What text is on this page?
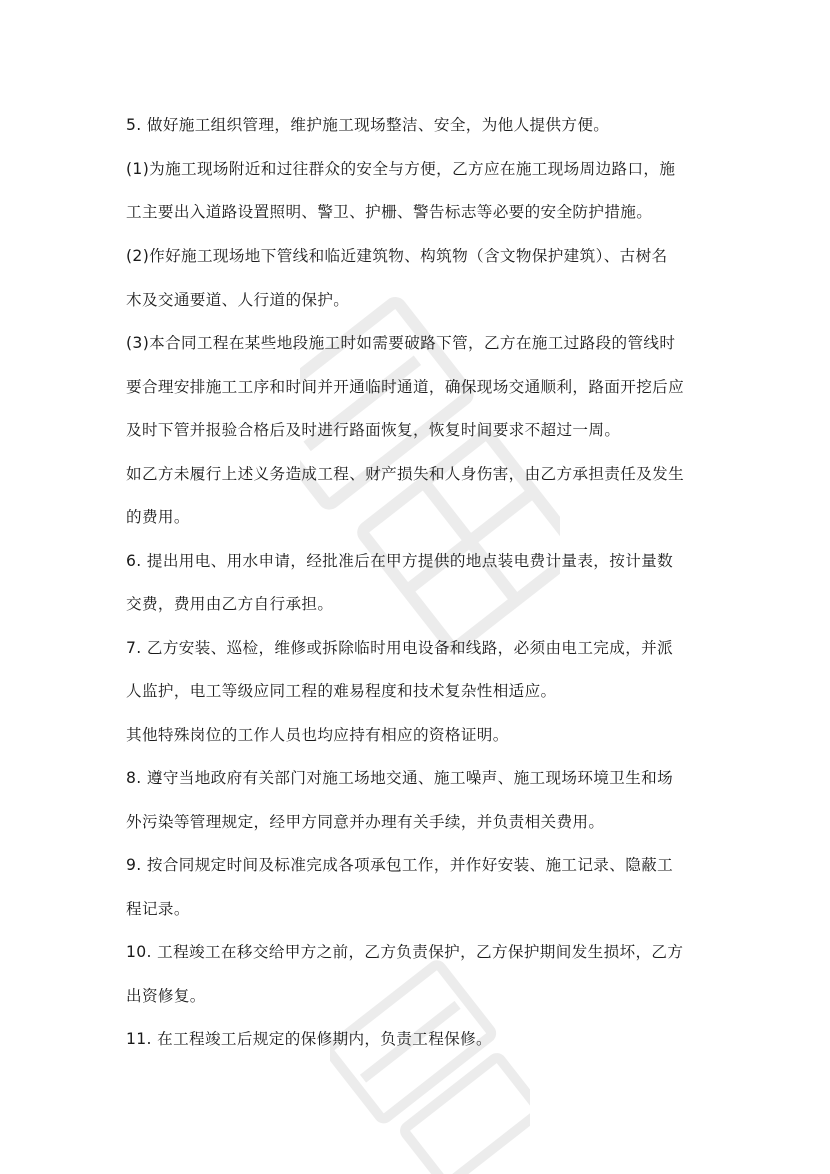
5. 做好施工组织管理，维护施工现场整洁、安全，为他人提供方便。
(1)为施工现场附近和过往群众的安全与方便，乙方应在施工现场周边路口，施
工主要出入道路设置照明、警卫、护栅、警告标志等必要的安全防护措施。
(2)作好施工现场地下管线和临近建筑物、构筑物（含文物保护建筑）、古树名
木及交通要道、人行道的保护。
(3)本合同工程在某些地段施工时如需要破路下管，乙方在施工过路段的管线时
要合理安排施工工序和时间并开通临时通道，确保现场交通顺利，路面开挖后应
及时下管并报验合格后及时进行路面恢复，恢复时间要求不超过一周。
如乙方未履行上述义务造成工程、财产损失和人身伤害，由乙方承担责任及发生
的费用。
6. 提出用电、用水申请，经批准后在甲方提供的地点装电费计量表，按计量数
交费，费用由乙方自行承担。
7. 乙方安装、巡检，维修或拆除临时用电设备和线路，必须由电工完成，并派
人监护，电工等级应同工程的难易程度和技术复杂性相适应。
其他特殊岗位的工作人员也均应持有相应的资格证明。
8. 遵守当地政府有关部门对施工场地交通、施工噪声、施工现场环境卫生和场
外污染等管理规定，经甲方同意并办理有关手续，并负责相关费用。
9. 按合同规定时间及标准完成各项承包工作，并作好安装、施工记录、隐蔽工
程记录。
10. 工程竣工在移交给甲方之前，乙方负责保护，乙方保护期间发生损坏，乙方
出资修复。
11. 在工程竣工后规定的保修期内，负责工程保修。
